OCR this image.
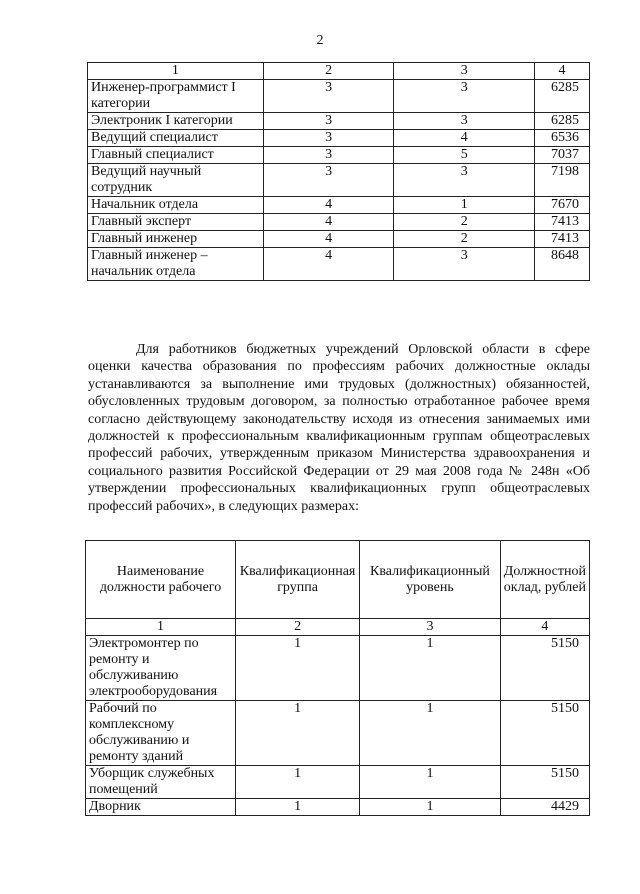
2
1	2	3	4
Инженер-программист I категории	3	3	6285
Электроник I категории	3	3	6285
Ведущий специалист	3	4	6536
Главный специалист	3	5	7037
Ведущий научный сотрудник	3	3	7198
Начальник отдела	4	1	7670
Главный эксперт	4	2	7413
Главный инженер	4	2	7413
Главный инженер – начальник отдела	4	3	8648

Для работников бюджетных учреждений Орловской области в сфере оценки качества образования по профессиям рабочих должностные оклады устанавливаются за выполнение ими трудовых (должностных) обязанностей, обусловленных трудовым договором, за полностью отработанное рабочее время согласно действующему законодательству исходя из отнесения занимаемых ими должностей к профессиональным квалификационным группам общеотраслевых профессий рабочих, утвержденным приказом Министерства здравоохранения и социального развития Российской Федерации от 29 мая 2008 года № 248н «Об утверждении профессиональных квалификационных групп общеотраслевых профессий рабочих», в следующих размерах:

Наименование должности рабочего	Квалификационная группа	Квалификационный уровень	Должностной оклад, рублей
1	2	3	4
Электромонтер по ремонту и обслуживанию электрооборудования	1	1	5150
Рабочий по комплексному обслуживанию и ремонту зданий	1	1	5150
Уборщик служебных помещений	1	1	5150
Дворник	1	1	4429
